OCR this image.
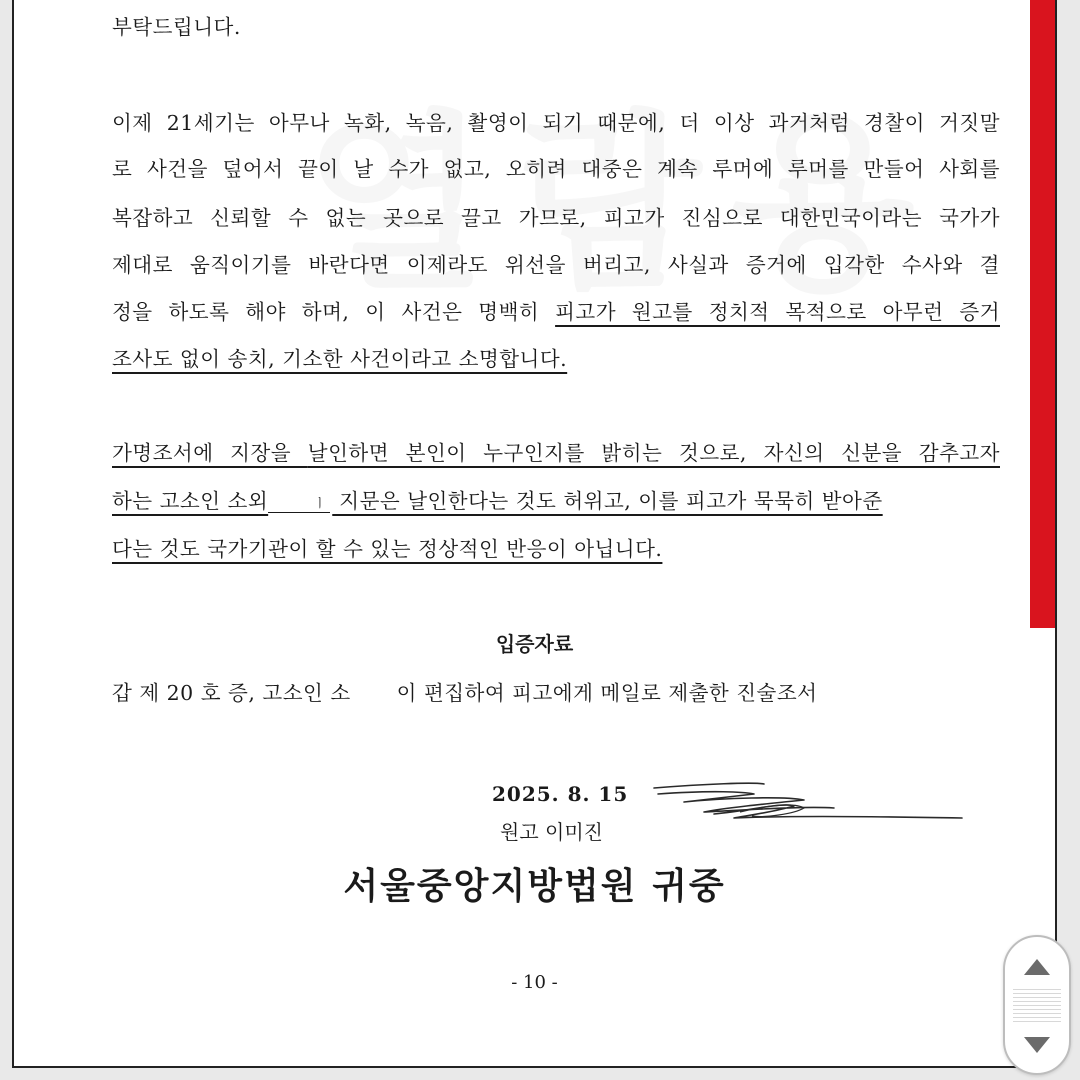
부탁드립니다.
이제 21세기는 아무나 녹화, 녹음, 촬영이 되기 때문에, 더 이상 과거처럼 경찰이 거짓말
로 사건을 덮어서 끝이 날 수가 없고, 오히려 대중은 계속 루머에 루머를 만들어 사회를
복잡하고 신뢰할 수 없는 곳으로 끌고 가므로, 피고가 진심으로 대한민국이라는 국가가
제대로 움직이기를 바란다면 이제라도 위선을 버리고, 사실과 증거에 입각한 수사와 결
정을 하도록 해야 하며, 이 사건은 명백히 피고가 원고를 정치적 목적으로 아무런 증거
조사도 없이 송치, 기소한 사건이라고 소명합니다.
가명조서에 지장을 날인하면 본인이 누구인지를 밝히는 것으로, 자신의 신분을 감추고자
하는 고소인 소외	ㅣ 지문은 날인한다는 것도 허위고, 이를 피고가 묵묵히 받아준
다는 것도 국가기관이 할 수 있는 정상적인 반응이 아닙니다.
입증자료
갑 제 20 호 증, 고소인 소 이 편집하여 피고에게 메일로 제출한 진술조서
2025. 8. 15
원고 이미진
서울중앙지방법원 귀중
- 10 -
